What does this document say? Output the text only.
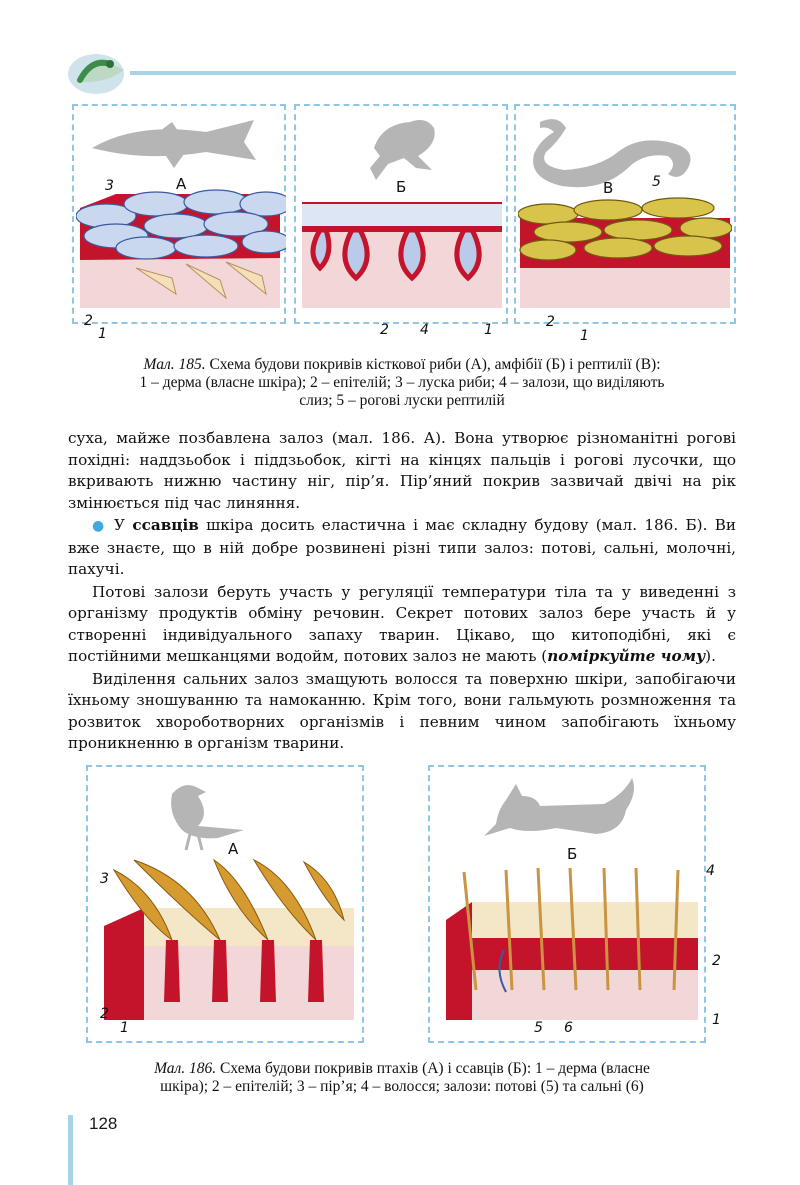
А
3
2
1
Б
2 4	1
В	5
2
1
Мал. 185. Схема будови покривів кісткової риби (А), амфібії (Б) і рептилії (В):
1 – дерма (власне шкіра); 2 – епітелій; 3 – луска риби; 4 – залози, що виділяють
слиз; 5 – рогові луски рептилій

суха, майже позбавлена залоз (мал. 186. А). Вона утворює різноманітні рогові похідні: наддзьобок і піддзьобок, кігті на кінцях пальців і рогові лусочки, що вкривають нижню частину ніг, пір’я. Пір’яний покрив зазвичай двічі на рік змінюється під час линяння.

● У ссавців шкіра досить еластична і має складну будову (мал. 186. Б). Ви вже знаєте, що в ній добре розвинені різні типи залоз: потові, сальні, молочні, пахучі.

Потові залози беруть участь у регуляції температури тіла та у виведенні з організму продуктів обміну речовин. Секрет потових залоз бере участь й у створенні індивідуального запаху тварин. Цікаво, що китоподібні, які є постійними мешканцями водойм, потових залоз не мають (поміркуйте чому).

Виділення сальних залоз змащують волосся та поверхню шкіри, запобігаючи їхньому зношуванню та намоканню. Крім того, вони гальмують розмноження та розвиток хвороботворних організмів і певним чином запобігають їхньому проникненню в організм тварини.

А
3
2
1
Б
4
2
5 6	1
Мал. 186. Схема будови покривів птахів (А) і ссавців (Б): 1 – дерма (власне
шкіра); 2 – епітелій; 3 – пір’я; 4 – волосся; залози: потові (5) та сальні (6)
128
